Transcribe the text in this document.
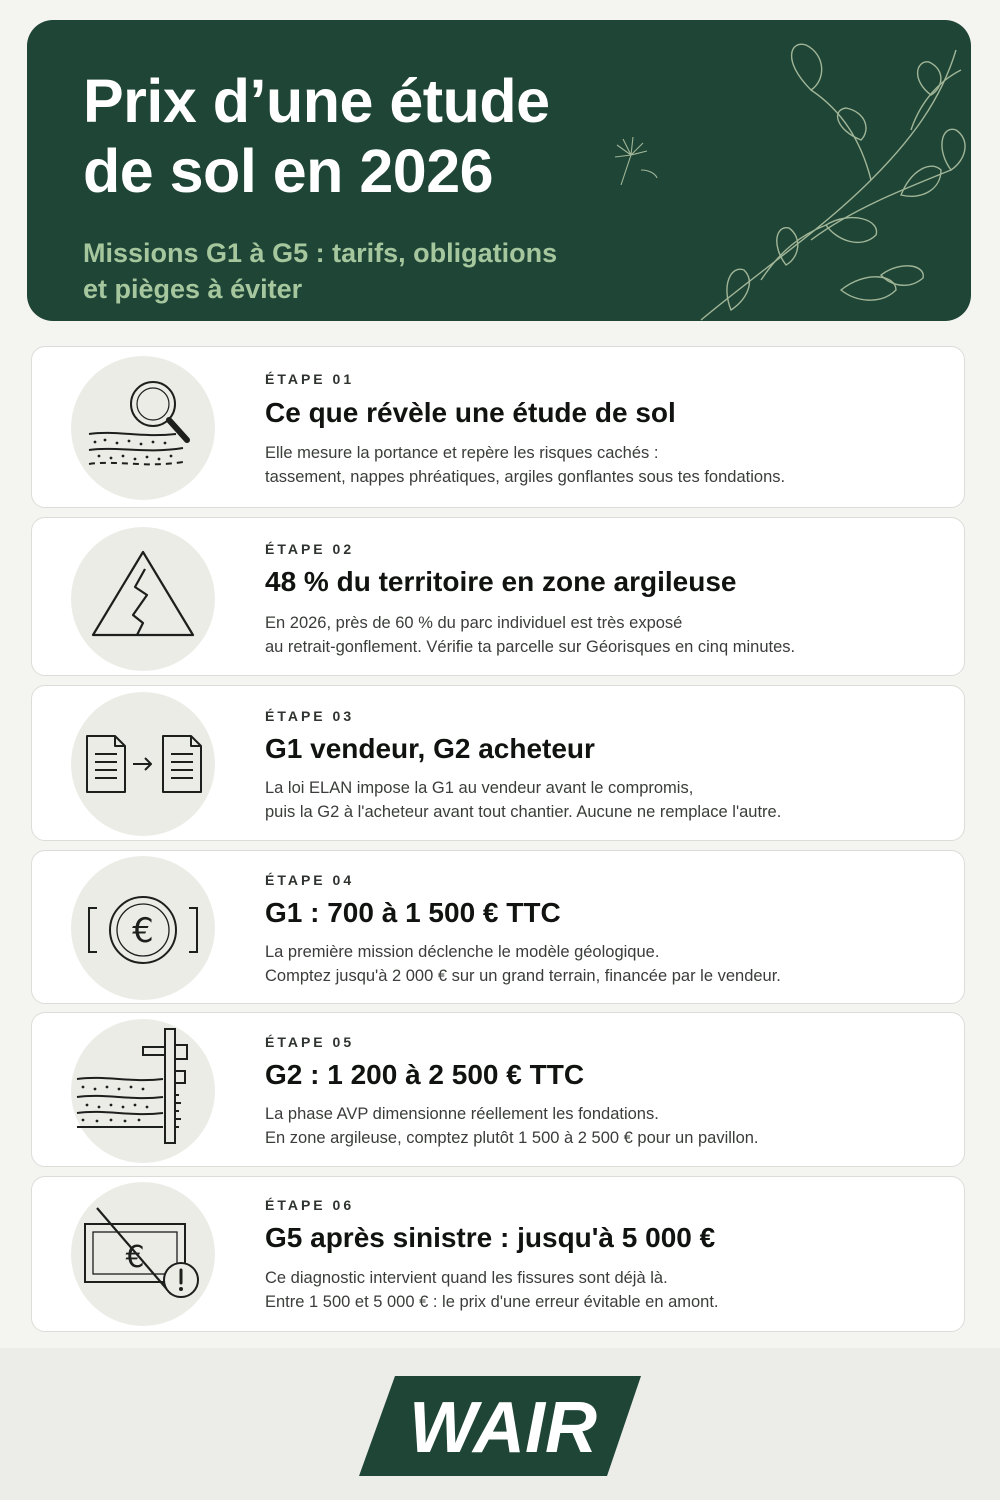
Prix d’une étude
de sol en 2026

Missions G1 à G5 : tarifs, obligations
et pièges à éviter

ÉTAPE 01
Ce que révèle une étude de sol

Elle mesure la portance et repère les risques cachés :
tassement, nappes phréatiques, argiles gonflantes sous tes fondations.

ÉTAPE 02
48 % du territoire en zone argileuse

En 2026, près de 60 % du parc individuel est très exposé
au retrait-gonflement. Vérifie ta parcelle sur Géorisques en cinq minutes.

ÉTAPE 03
G1 vendeur, G2 acheteur

La loi ELAN impose la G1 au vendeur avant le compromis,
puis la G2 à l'acheteur avant tout chantier. Aucune ne remplace l'autre.

€
ÉTAPE 04
G1 : 700 à 1 500 € TTC

La première mission déclenche le modèle géologique.
Comptez jusqu'à 2 000 € sur un grand terrain, financée par le vendeur.

ÉTAPE 05
G2 : 1 200 à 2 500 € TTC

La phase AVP dimensionne réellement les fondations.
En zone argileuse, comptez plutôt 1 500 à 2 500 € pour un pavillon.

€
ÉTAPE 06
G5 après sinistre : jusqu'à 5 000 €

Ce diagnostic intervient quand les fissures sont déjà là.
Entre 1 500 et 5 000 € : le prix d'une erreur évitable en amont.

WAIR
